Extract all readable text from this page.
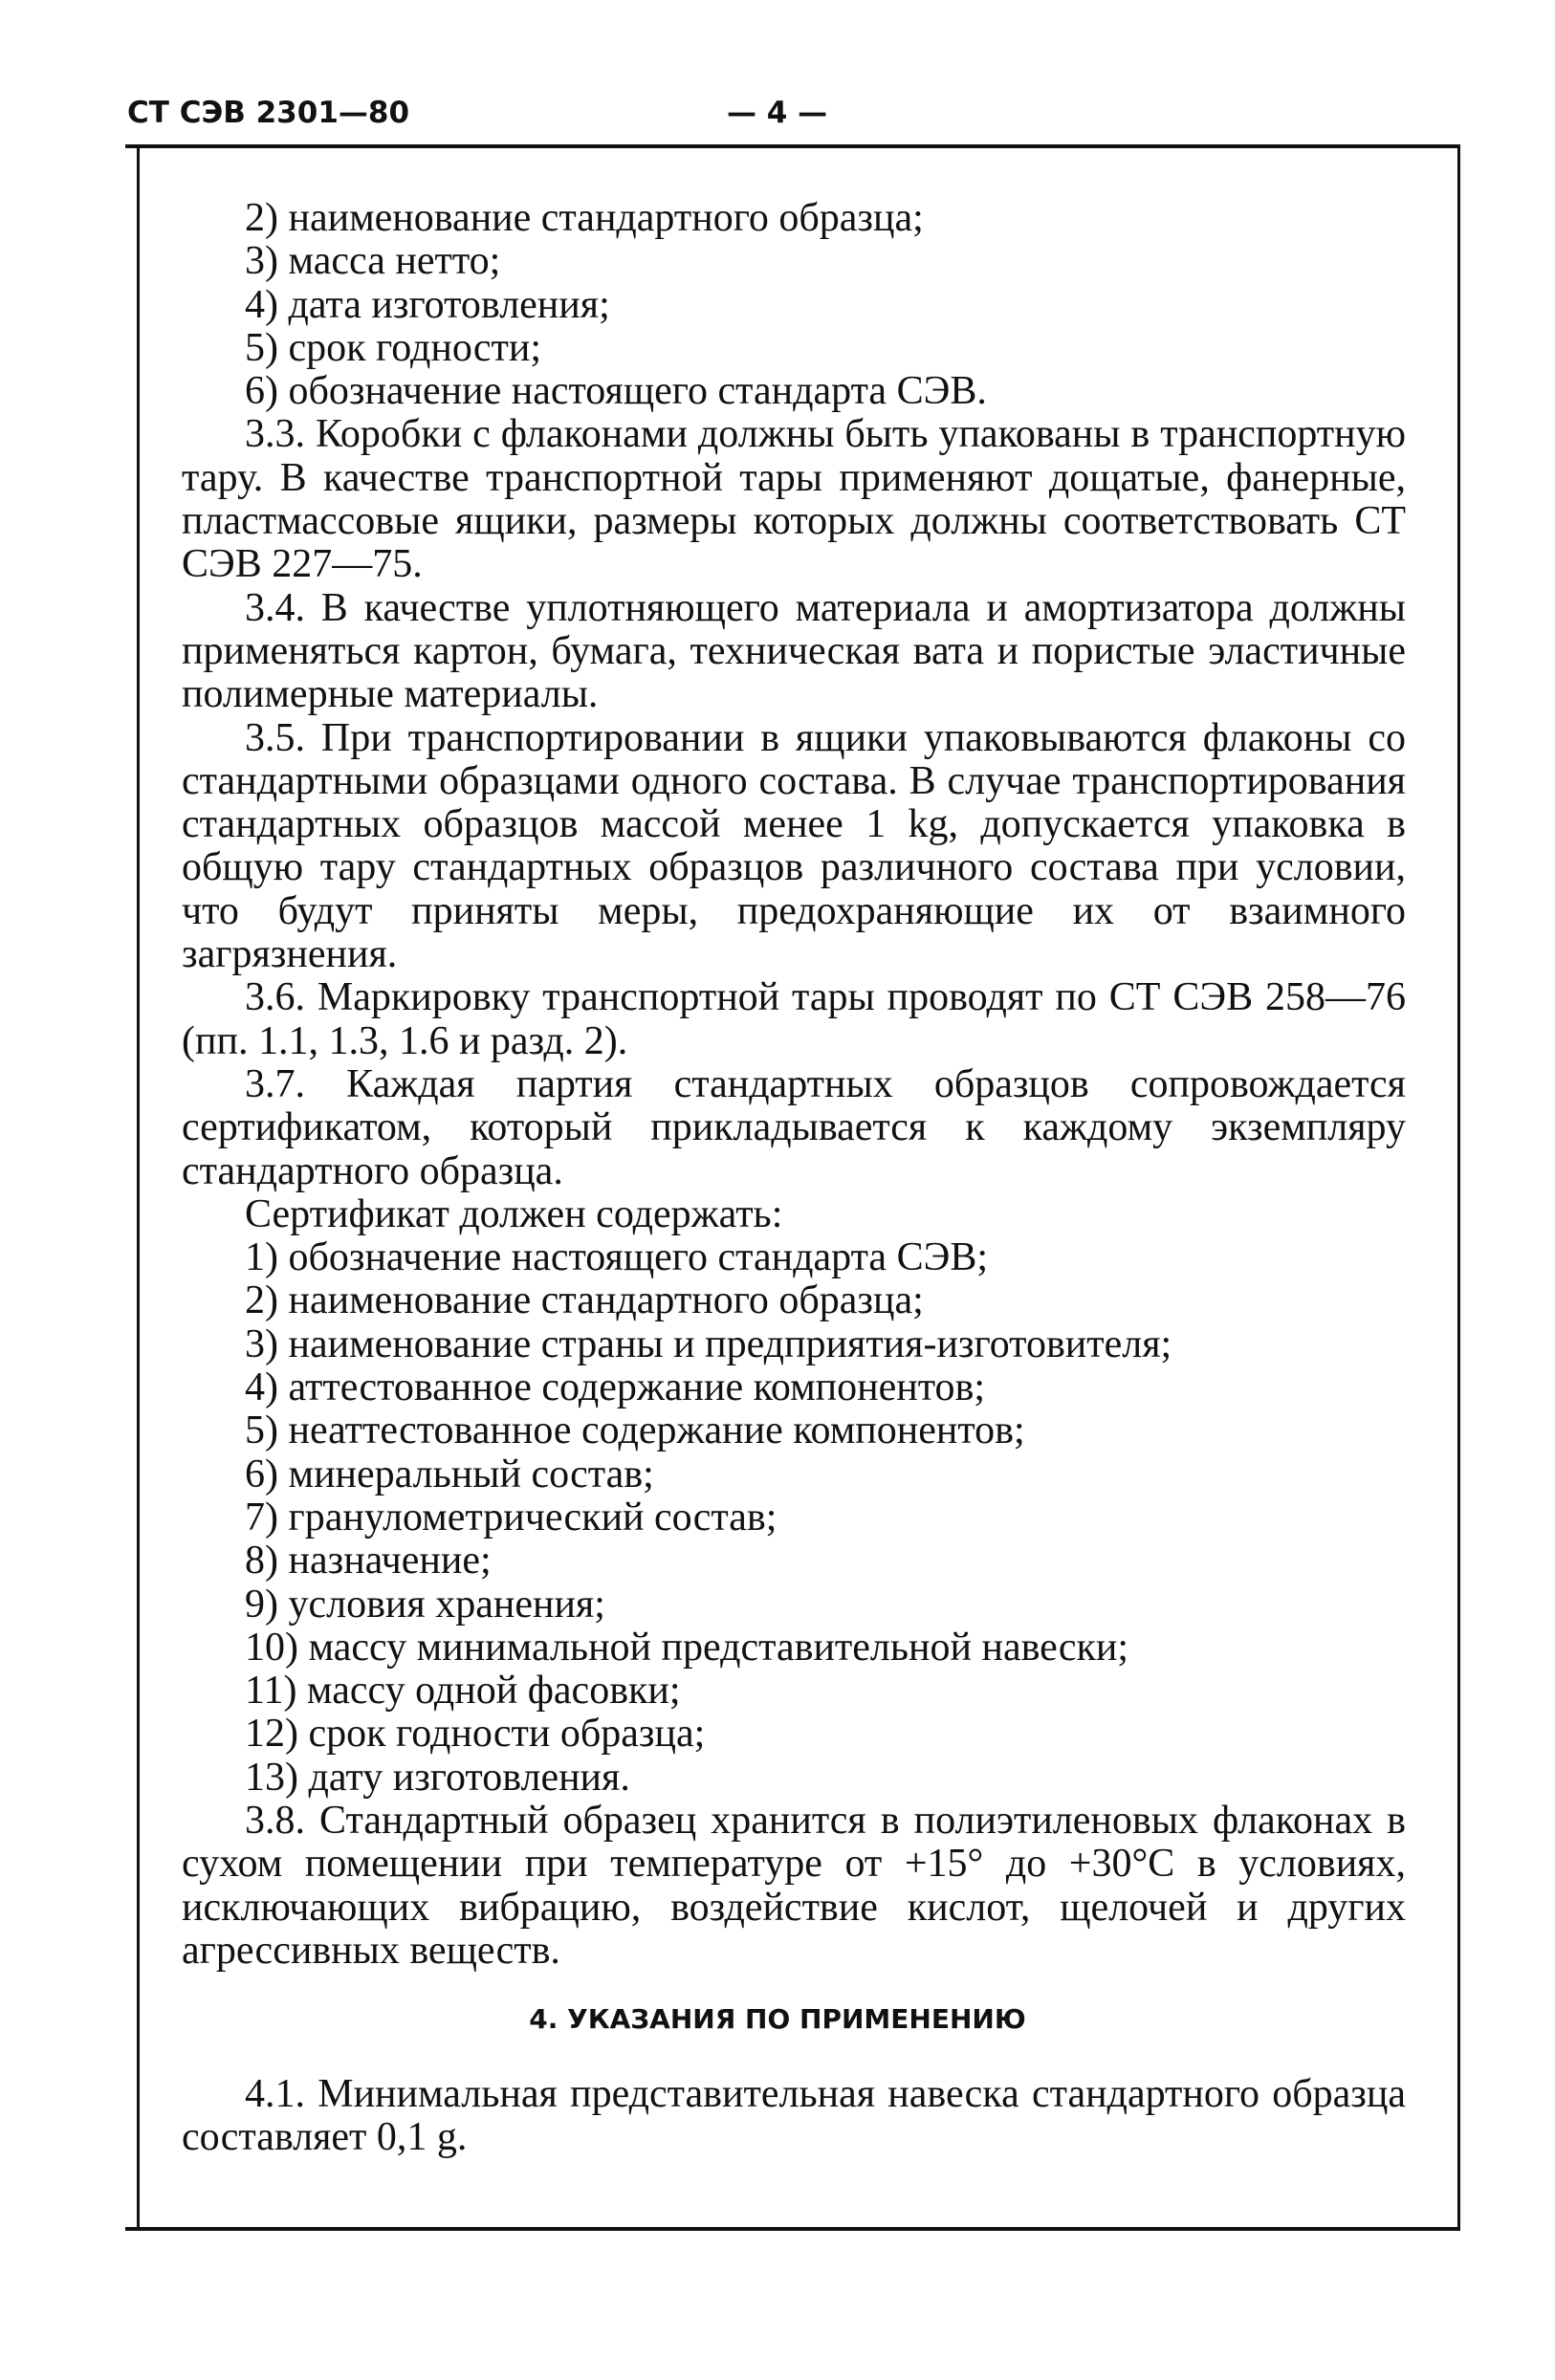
СТ СЭВ 2301—80	— 4 —

2) наименование стандартного образца;

3) масса нетто;

4) дата изготовления;

5) срок годности;

6) обозначение настоящего стандарта СЭВ.

3.3. Коробки с флаконами должны быть упакованы в транспортную тару. В качестве транспортной тары применяют дощатые, фанерные, пластмассовые ящики, размеры которых должны соответствовать СТ СЭВ 227—75.

3.4. В качестве уплотняющего материала и амортизатора должны применяться картон, бумага, техническая вата и пористые эластичные полимерные материалы.

3.5. При транспортировании в ящики упаковываются флаконы со стандартными образцами одного состава. В случае транспортирования стандартных образцов массой менее 1 kg, допускается упаковка в общую тару стандартных образцов различного состава при условии, что будут приняты меры, предохраняющие их от взаимного загрязнения.

3.6. Маркировку транспортной тары проводят по СТ СЭВ 258—76 (пп. 1.1, 1.3, 1.6 и разд. 2).

3.7. Каждая партия стандартных образцов сопровождается сертификатом, который прикладывается к каждому экземпляру стандартного образца.

Сертификат должен содержать:

1) обозначение настоящего стандарта СЭВ;

2) наименование стандартного образца;

3) наименование страны и предприятия-изготовителя;

4) аттестованное содержание компонентов;

5) неаттестованное содержание компонентов;

6) минеральный состав;

7) гранулометрический состав;

8) назначение;

9) условия хранения;

10) массу минимальной представительной навески;

11) массу одной фасовки;

12) срок годности образца;

13) дату изготовления.

3.8. Стандартный образец хранится в полиэтиленовых флаконах в сухом помещении при температуре от +15° до +30°С в условиях, исключающих вибрацию, воздействие кислот, щелочей и других агрессивных веществ.

4. УКАЗАНИЯ ПО ПРИМЕНЕНИЮ

4.1. Минимальная представительная навеска стандартного образца составляет 0,1 g.
